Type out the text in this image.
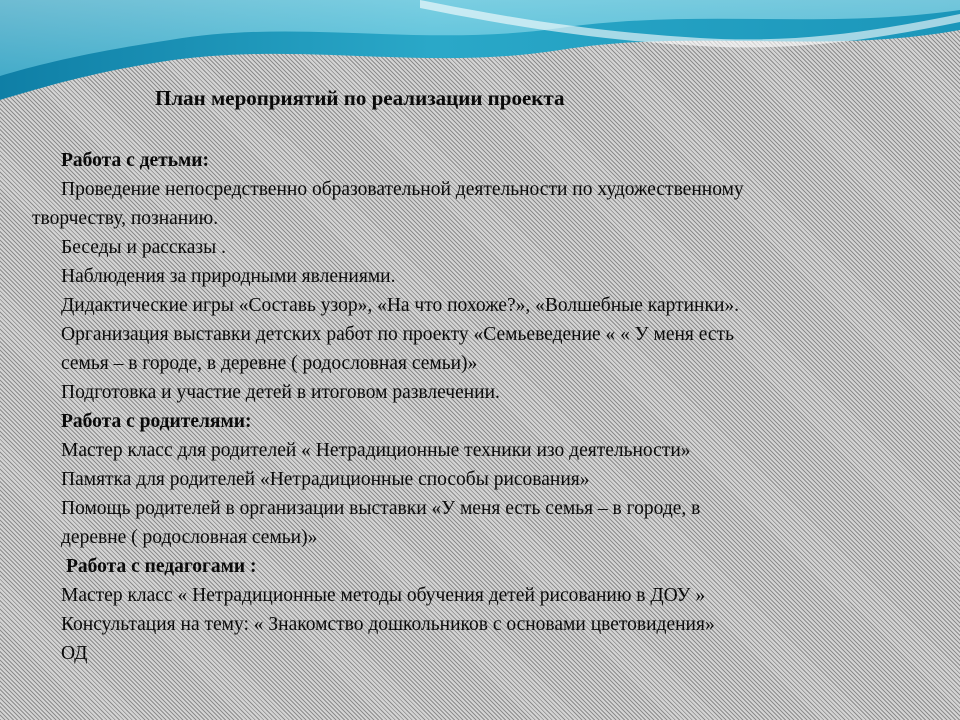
План мероприятий по реализации проекта
Работа с детьми:
Проведение непосредственно образовательной деятельности по художественному
творчеству, познанию.
Беседы и рассказы .
Наблюдения за природными явлениями.
Дидактические игры «Составь узор», «На что похоже?», «Волшебные картинки».
Организация выставки детских работ по проекту «Семьеведение « « У меня есть
семья – в городе, в деревне ( родословная семьи)»
Подготовка и участие детей в итоговом развлечении.
Работа с родителями:
Мастер класс для родителей « Нетрадиционные техники изо деятельности»
Памятка для родителей «Нетрадиционные способы рисования»
Помощь родителей в организации выставки «У меня есть семья – в городе, в
деревне ( родословная семьи)»
Работа с педагогами :
Мастер класс « Нетрадиционные методы обучения детей рисованию в ДОУ »
Консультация на тему: « Знакомство дошкольников с основами цветовидения»
ОД
